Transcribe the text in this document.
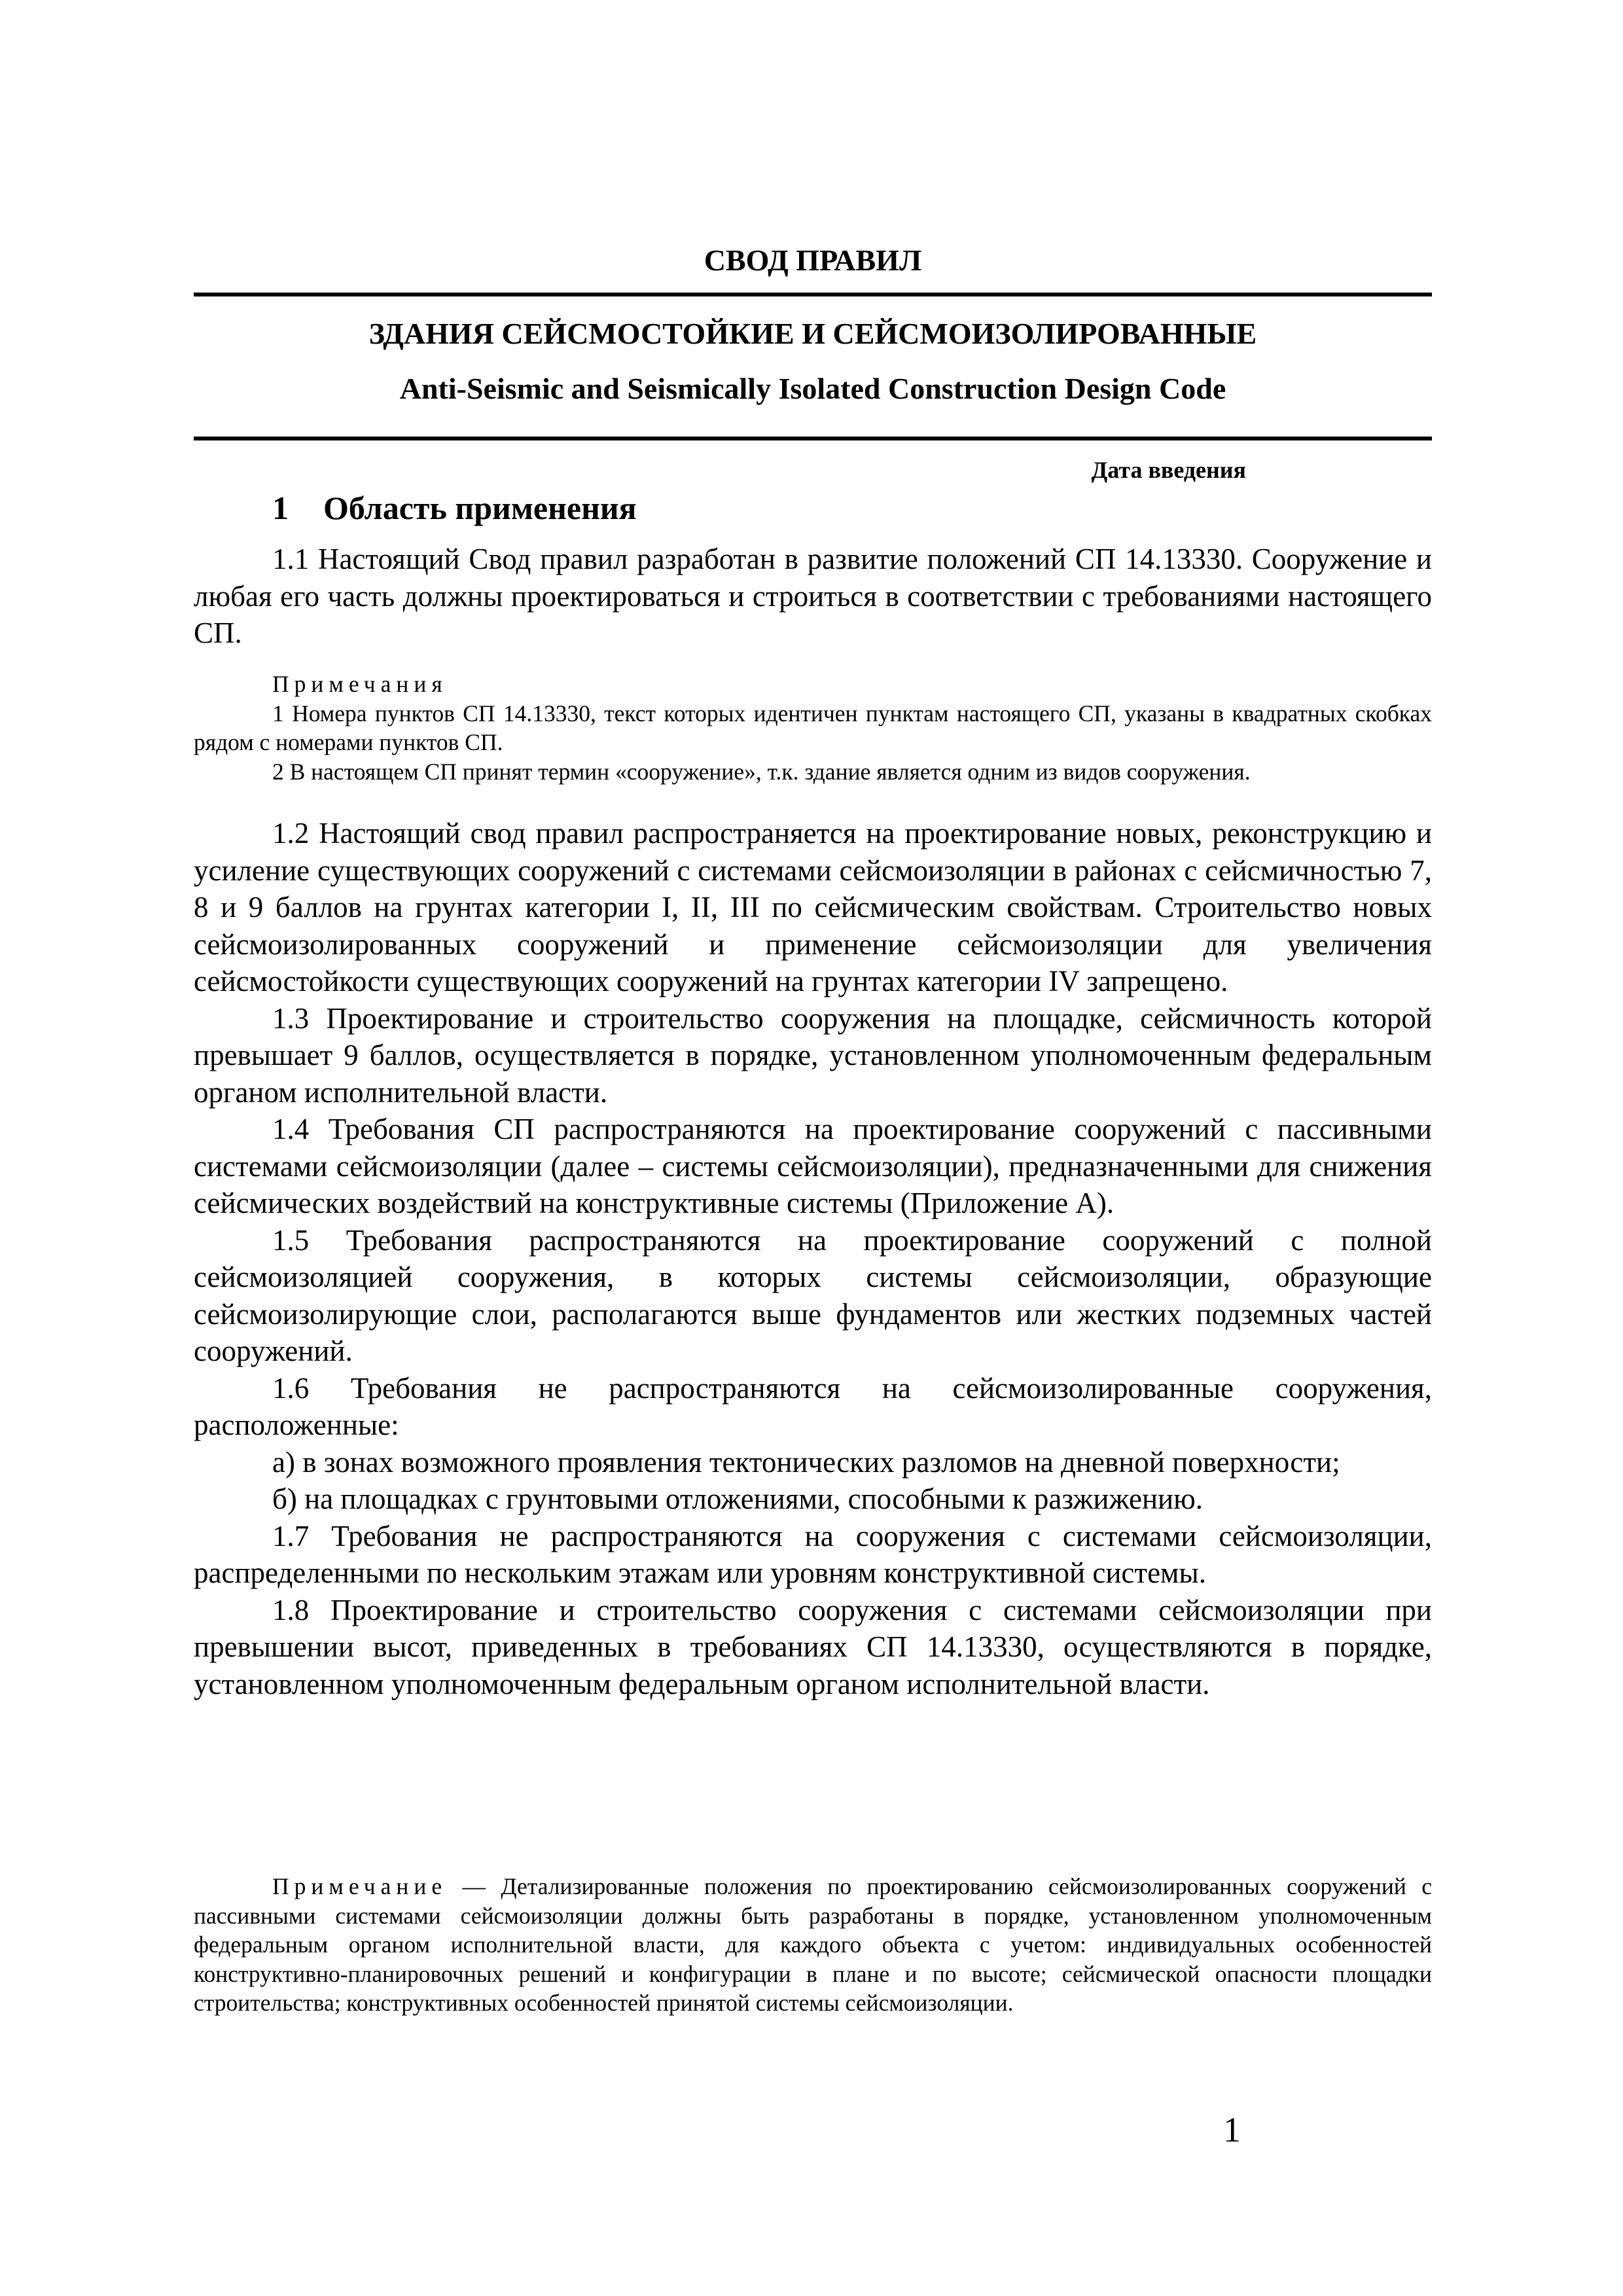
СВОД ПРАВИЛ
ЗДАНИЯ СЕЙСМОСТОЙКИЕ И СЕЙСМОИЗОЛИРОВАННЫЕ
Anti-Seismic and Seismically Isolated Construction Design Code
Дата введения
1 Область применения

1.1 Настоящий Свод правил разработан в развитие положений СП 14.13330. Сооружение и любая его часть должны проектироваться и строиться в соответствии с требованиями настоящего СП.

Примечания

1 Номера пунктов СП 14.13330, текст которых идентичен пунктам настоящего СП, указаны в квадратных скобках рядом с номерами пунктов СП.

2 В настоящем СП принят термин «сооружение», т.к. здание является одним из видов сооружения.

1.2 Настоящий свод правил распространяется на проектирование новых, реконструкцию и усиление существующих сооружений с системами сейсмоизоляции в районах с сейсмичностью 7, 8 и 9 баллов на грунтах категории I, II, III по сейсмическим свойствам. Строительство новых сейсмоизолированных сооружений и применение сейсмоизоляции для увеличения сейсмостойкости существующих сооружений на грунтах категории IV запрещено.

1.3 Проектирование и строительство сооружения на площадке, сейсмичность которой превышает 9 баллов, осуществляется в порядке, установленном уполномоченным федеральным органом исполнительной власти.

1.4 Требования СП распространяются на проектирование сооружений с пассивными системами сейсмоизоляции (далее – системы сейсмоизоляции), предназначенными для снижения сейсмических воздействий на конструктивные системы (Приложение А).

1.5 Требования распространяются на проектирование сооружений с полной сейсмоизоляцией сооружения, в которых системы сейсмоизоляции, образующие сейсмоизолирующие слои, располагаются выше фундаментов или жестких подземных частей сооружений.

1.6 Требования не распространяются на сейсмоизолированные сооружения, расположенные:

а) в зонах возможного проявления тектонических разломов на дневной поверхности;

б) на площадках с грунтовыми отложениями, способными к разжижению.

1.7 Требования не распространяются на сооружения с системами сейсмоизоляции, распределенными по нескольким этажам или уровням конструктивной системы.

1.8 Проектирование и строительство сооружения с системами сейсмоизоляции при превышении высот, приведенных в требованиях СП 14.13330, осуществляются в порядке, установленном уполномоченным федеральным органом исполнительной власти.

Примечание — Детализированные положения по проектированию сейсмоизолированных сооружений с пассивными системами сейсмоизоляции должны быть разработаны в порядке, установленном уполномоченным федеральным органом исполнительной власти, для каждого объекта с учетом: индивидуальных особенностей конструктивно-планировочных решений и конфигурации в плане и по высоте; сейсмической опасности площадки строительства; конструктивных особенностей принятой системы сейсмоизоляции.

1
